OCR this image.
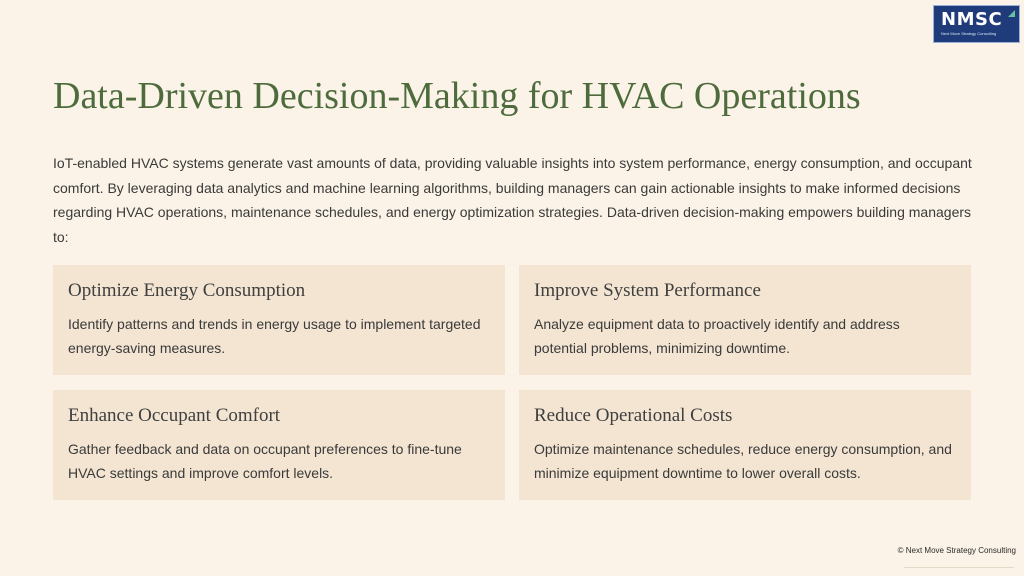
NMSC
Next Move Strategy Consulting
Data-Driven Decision-Making for HVAC Operations

IoT-enabled HVAC systems generate vast amounts of data, providing valuable insights into system performance, energy consumption, and occupant comfort. By leveraging data analytics and machine learning algorithms, building managers can gain actionable insights to make informed decisions regarding HVAC operations, maintenance schedules, and energy optimization strategies. Data-driven decision-making empowers building managers to:

Optimize Energy Consumption

Identify patterns and trends in energy usage to implement targeted energy-saving measures.

Improve System Performance

Analyze equipment data to proactively identify and address potential problems, minimizing downtime.

Enhance Occupant Comfort

Gather feedback and data on occupant preferences to fine-tune HVAC settings and improve comfort levels.

Reduce Operational Costs

Optimize maintenance schedules, reduce energy consumption, and minimize equipment downtime to lower overall costs.

© Next Move Strategy Consulting
